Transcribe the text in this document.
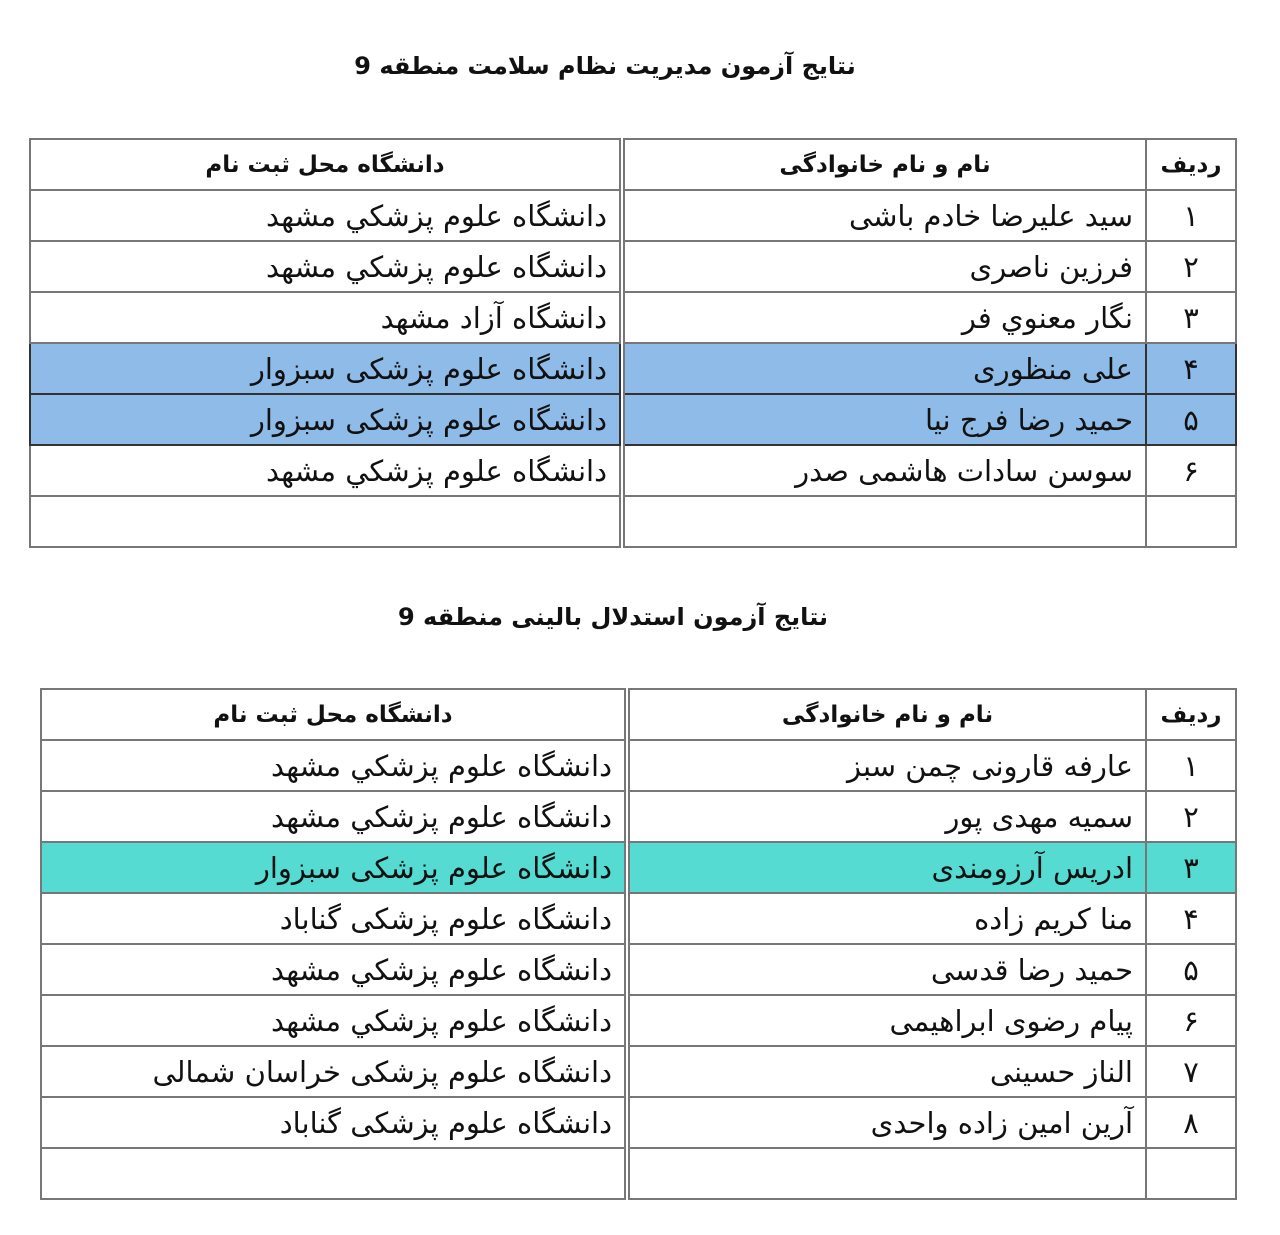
نتايج آزمون مديريت نظام سلامت منطقه 9
دانشگاه محل ثبت نام		نام و نام خانوادگی	رديف
دانشگاه علوم پزشکي مشهد		سيد عليرضا خادم باشی	۱
دانشگاه علوم پزشکي مشهد		فرزين ناصری	۲
دانشگاه آزاد مشهد		نگار معنوي فر	۳
دانشگاه علوم پزشکی سبزوار		علی منظوری	۴
دانشگاه علوم پزشکی سبزوار		حميد رضا فرج نيا	۵
دانشگاه علوم پزشکي مشهد		سوسن سادات هاشمی صدر	۶

نتايج آزمون استدلال بالينی منطقه 9
دانشگاه محل ثبت نام		نام و نام خانوادگی	رديف
دانشگاه علوم پزشکي مشهد		عارفه قارونی چمن سبز	۱
دانشگاه علوم پزشکي مشهد		سميه مهدی پور	۲
دانشگاه علوم پزشکی سبزوار		ادريس آرزومندی	۳
دانشگاه علوم پزشکی گناباد		منا کريم زاده	۴
دانشگاه علوم پزشکي مشهد		حميد رضا قدسی	۵
دانشگاه علوم پزشکي مشهد		پيام رضوی ابراهيمی	۶
دانشگاه علوم پزشکی خراسان شمالی		الناز حسينی	۷
دانشگاه علوم پزشکی گناباد		آرين امين زاده واحدی	۸
